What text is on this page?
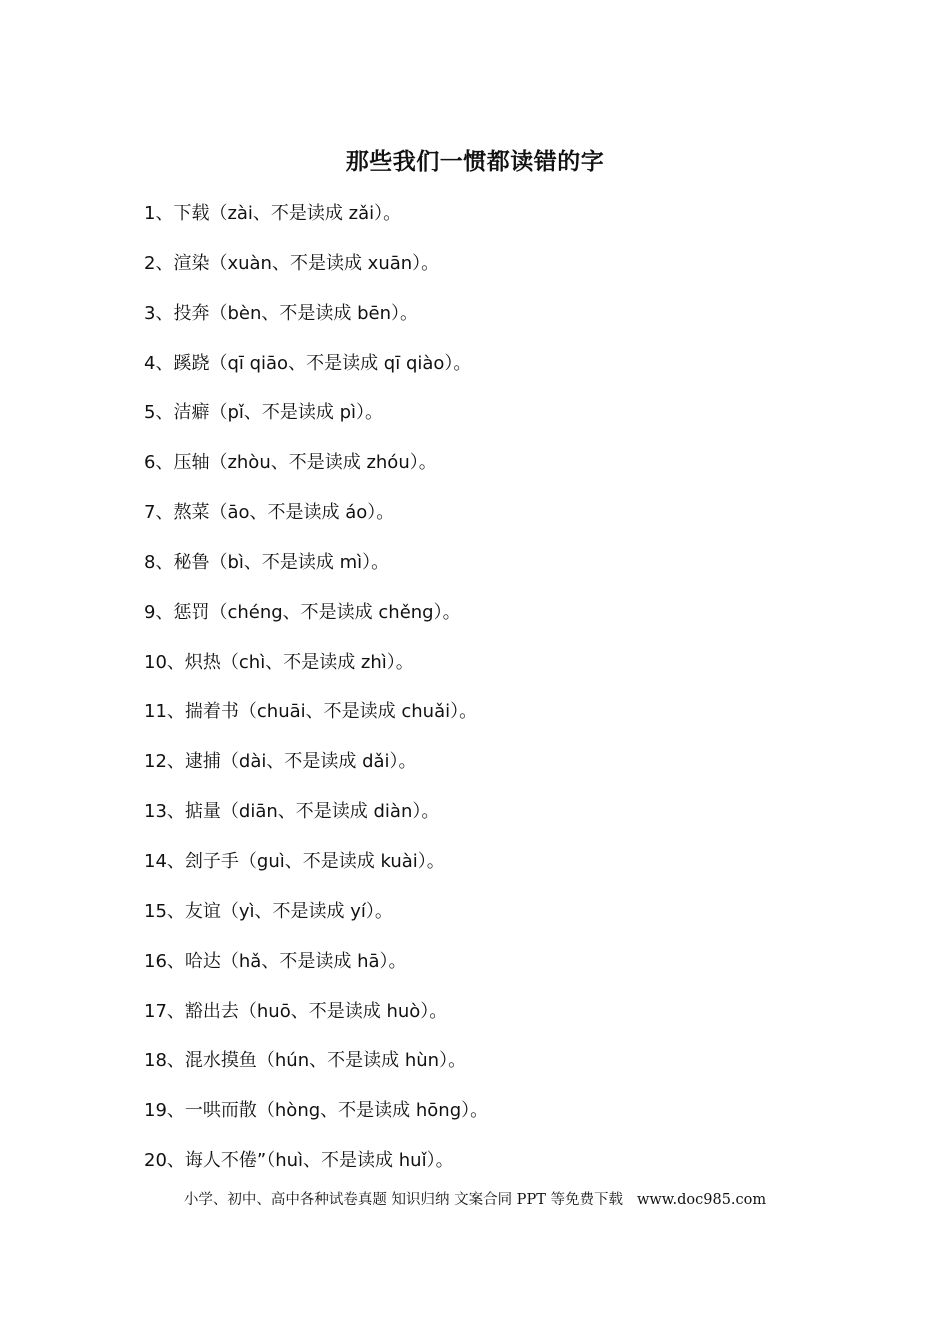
那些我们一惯都读错的字
1、下载（zài、不是读成 zǎi）。
2、渲染（xuàn、不是读成 xuān）。
3、投奔（bèn、不是读成 bēn）。
4、蹊跷（qī qiāo、不是读成 qī qiào）。
5、洁癖（pǐ、不是读成 pì）。
6、压轴（zhòu、不是读成 zhóu）。
7、熬菜（āo、不是读成 áo）。
8、秘鲁（bì、不是读成 mì）。
9、惩罚（chéng、不是读成 chěng）。
10、炽热（chì、不是读成 zhì）。
11、揣着书（chuāi、不是读成 chuǎi）。
12、逮捕（dài、不是读成 dǎi）。
13、掂量（diān、不是读成 diàn）。
14、刽子手（guì、不是读成 kuài）。
15、友谊（yì、不是读成 yí）。
16、哈达（hǎ、不是读成 hā）。
17、豁出去（huō、不是读成 huò）。
18、混水摸鱼（hún、不是读成 hùn）。
19、一哄而散（hòng、不是读成 hōng）。
20、诲人不倦”（huì、不是读成 huǐ）。
小学、初中、高中各种试卷真题 知识归纳 文案合同 PPT 等免费下载 www.doc985.com
